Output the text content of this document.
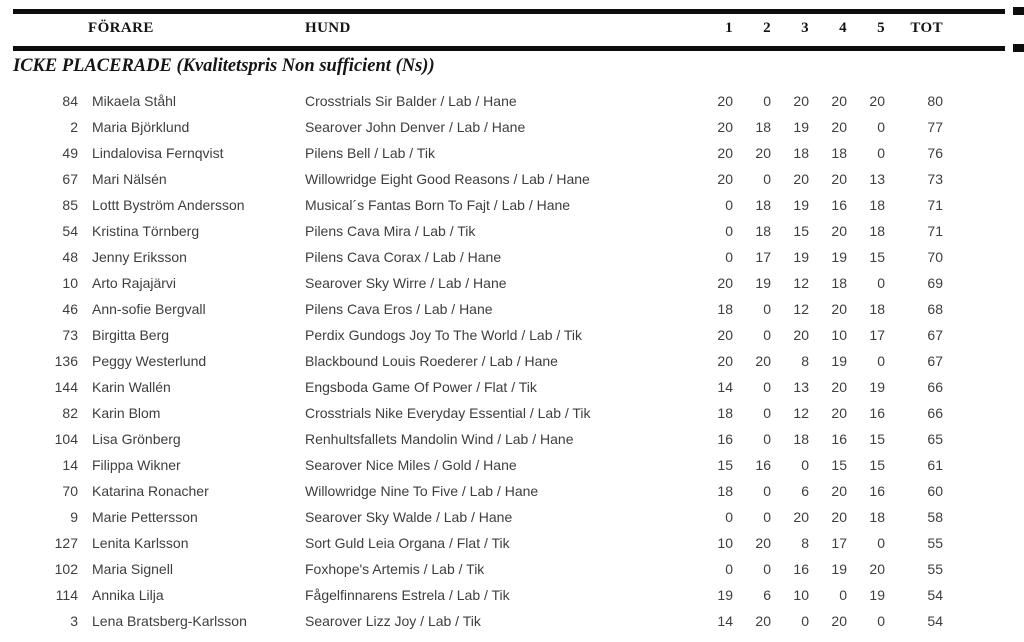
FÖRARE	HUND	1	2	3	4	5	TOT
ICKE PLACERADE (Kvalitetspris Non sufficient (Ns))
84 Mikaela Ståhl	Crosstrials Sir Balder / Lab / Hane	20	0	20	20	20	80
2 Maria Björklund	Searover John Denver / Lab / Hane	20	18	19	20	0	77
49 Lindalovisa Fernqvist	Pilens Bell / Lab / Tik	20	20	18	18	0	76
67 Mari Nälsén	Willowridge Eight Good Reasons / Lab / Hane	20	0	20	20	13	73
85 Lottt Byström Andersson	Musical´s Fantas Born To Fajt / Lab / Hane	0	18	19	16	18	71
54 Kristina Törnberg	Pilens Cava Mira / Lab / Tik	0	18	15	20	18	71
48 Jenny Eriksson	Pilens Cava Corax / Lab / Hane	0	17	19	19	15	70
10 Arto Rajajärvi	Searover Sky Wirre / Lab / Hane	20	19	12	18	0	69
46 Ann-sofie Bergvall	Pilens Cava Eros / Lab / Hane	18	0	12	20	18	68
73 Birgitta Berg	Perdix Gundogs Joy To The World / Lab / Tik	20	0	20	10	17	67
136 Peggy Westerlund	Blackbound Louis Roederer / Lab / Hane	20	20	8	19	0	67
144 Karin Wallén	Engsboda Game Of Power / Flat / Tik	14	0	13	20	19	66
82 Karin Blom	Crosstrials Nike Everyday Essential / Lab / Tik	18	0	12	20	16	66
104 Lisa Grönberg	Renhultsfallets Mandolin Wind / Lab / Hane	16	0	18	16	15	65
14 Filippa Wikner	Searover Nice Miles / Gold / Hane	15	16	0	15	15	61
70 Katarina Ronacher	Willowridge Nine To Five / Lab / Hane	18	0	6	20	16	60
9 Marie Pettersson	Searover Sky Walde / Lab / Hane	0	0	20	20	18	58
127 Lenita Karlsson	Sort Guld Leia Organa / Flat / Tik	10	20	8	17	0	55
102 Maria Signell	Foxhope's Artemis / Lab / Tik	0	0	16	19	20	55
114 Annika Lilja	Fågelfinnarens Estrela / Lab / Tik	19	6	10	0	19	54
3 Lena Bratsberg-Karlsson	Searover Lizz Joy / Lab / Tik	14	20	0	20	0	54
